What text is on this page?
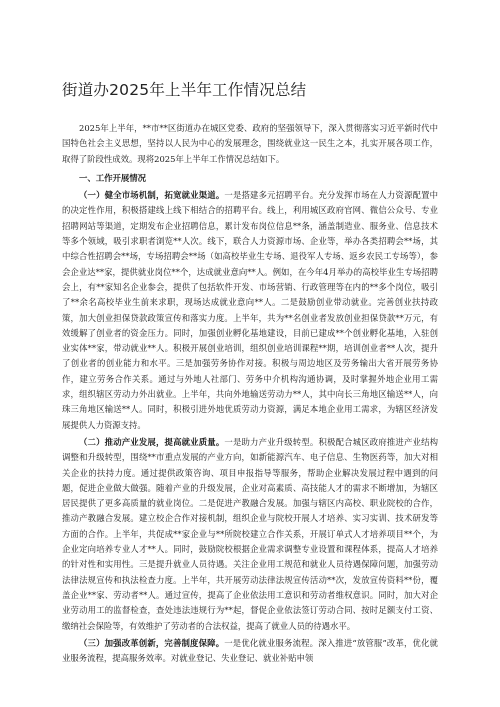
街道办2025年上半年工作情况总结

2025年上半年，**市**区街道办在城区党委、政府的坚强领导下，深入贯彻落实习近平新时代中国特色社会主义思想，坚持以人民为中心的发展理念，围绕就业这一民生之本，扎实开展各项工作，取得了阶段性成效。现将2025年上半年工作情况总结如下。

一、工作开展情况

（一）健全市场机制，拓宽就业渠道。一是搭建多元招聘平台。充分发挥市场在人力资源配置中的决定性作用，积极搭建线上线下相结合的招聘平台。线上，利用城区政府官网、微信公众号、专业招聘网站等渠道，定期发布企业招聘信息，累计发布岗位信息**条，涵盖制造业、服务业、信息技术等多个领域，吸引求职者浏览**人次。线下，联合人力资源市场、企业等，举办各类招聘会**场，其中综合性招聘会**场，专场招聘会**场（如高校毕业生专场、退役军人专场、返乡农民工专场等），参会企业达**家，提供就业岗位**个，达成就业意向**人。例如，在今年4月举办的高校毕业生专场招聘会上，有**家知名企业参会，提供了包括软件开发、市场营销、行政管理等在内的**多个岗位，吸引了**余名高校毕业生前来求职，现场达成就业意向**人。二是鼓励创业带动就业。完善创业扶持政策，加大创业担保贷款政策宣传和落实力度。上半年，共为**名创业者发放创业担保贷款**万元，有效缓解了创业者的资金压力。同时，加强创业孵化基地建设，目前已建成**个创业孵化基地，入驻创业实体**家，带动就业**人。积极开展创业培训，组织创业培训课程**期，培训创业者**人次，提升了创业者的创业能力和水平。三是加强劳务协作对接。积极与周边地区及劳务输出大省开展劳务协作，建立劳务合作关系。通过与外地人社部门、劳务中介机构沟通协调，及时掌握外地企业用工需求，组织辖区劳动力外出就业。上半年，共向外地输送劳动力**人，其中向长三角地区输送**人，向珠三角地区输送**人。同时，积极引进外地优质劳动力资源，满足本地企业用工需求，为辖区经济发展提供人力资源支持。

（二）推动产业发展，提高就业质量。一是助力产业升级转型。积极配合城区政府推进产业结构调整和升级转型，围绕**市重点发展的产业方向，如新能源汽车、电子信息、生物医药等，加大对相关企业的扶持力度。通过提供政策咨询、项目申报指导等服务，帮助企业解决发展过程中遇到的问题，促进企业做大做强。随着产业的升级发展，企业对高素质、高技能人才的需求不断增加，为辖区居民提供了更多高质量的就业岗位。二是促进产教融合发展。加强与辖区内高校、职业院校的合作，推动产教融合发展。建立校企合作对接机制，组织企业与院校开展人才培养、实习实训、技术研发等方面的合作。上半年，共促成**家企业与**所院校建立合作关系，开展订单式人才培养项目**个，为企业定向培养专业人才**人。同时，鼓励院校根据企业需求调整专业设置和课程体系，提高人才培养的针对性和实用性。三是提升就业人员待遇。关注企业用工规范和就业人员待遇保障问题，加强劳动法律法规宣传和执法检查力度。上半年，共开展劳动法律法规宣传活动**次，发放宣传资料**份，覆盖企业**家、劳动者**人。通过宣传，提高了企业依法用工意识和劳动者维权意识。同时，加大对企业劳动用工的监督检查，查处违法违规行为**起，督促企业依法签订劳动合同、按时足额支付工资、缴纳社会保险等，有效维护了劳动者的合法权益，提高了就业人员的待遇水平。

（三）加强改革创新，完善制度保障。一是优化就业服务流程。深入推进“放管服”改革，优化就业服务流程，提高服务效率。对就业登记、失业登记、就业补贴申领
